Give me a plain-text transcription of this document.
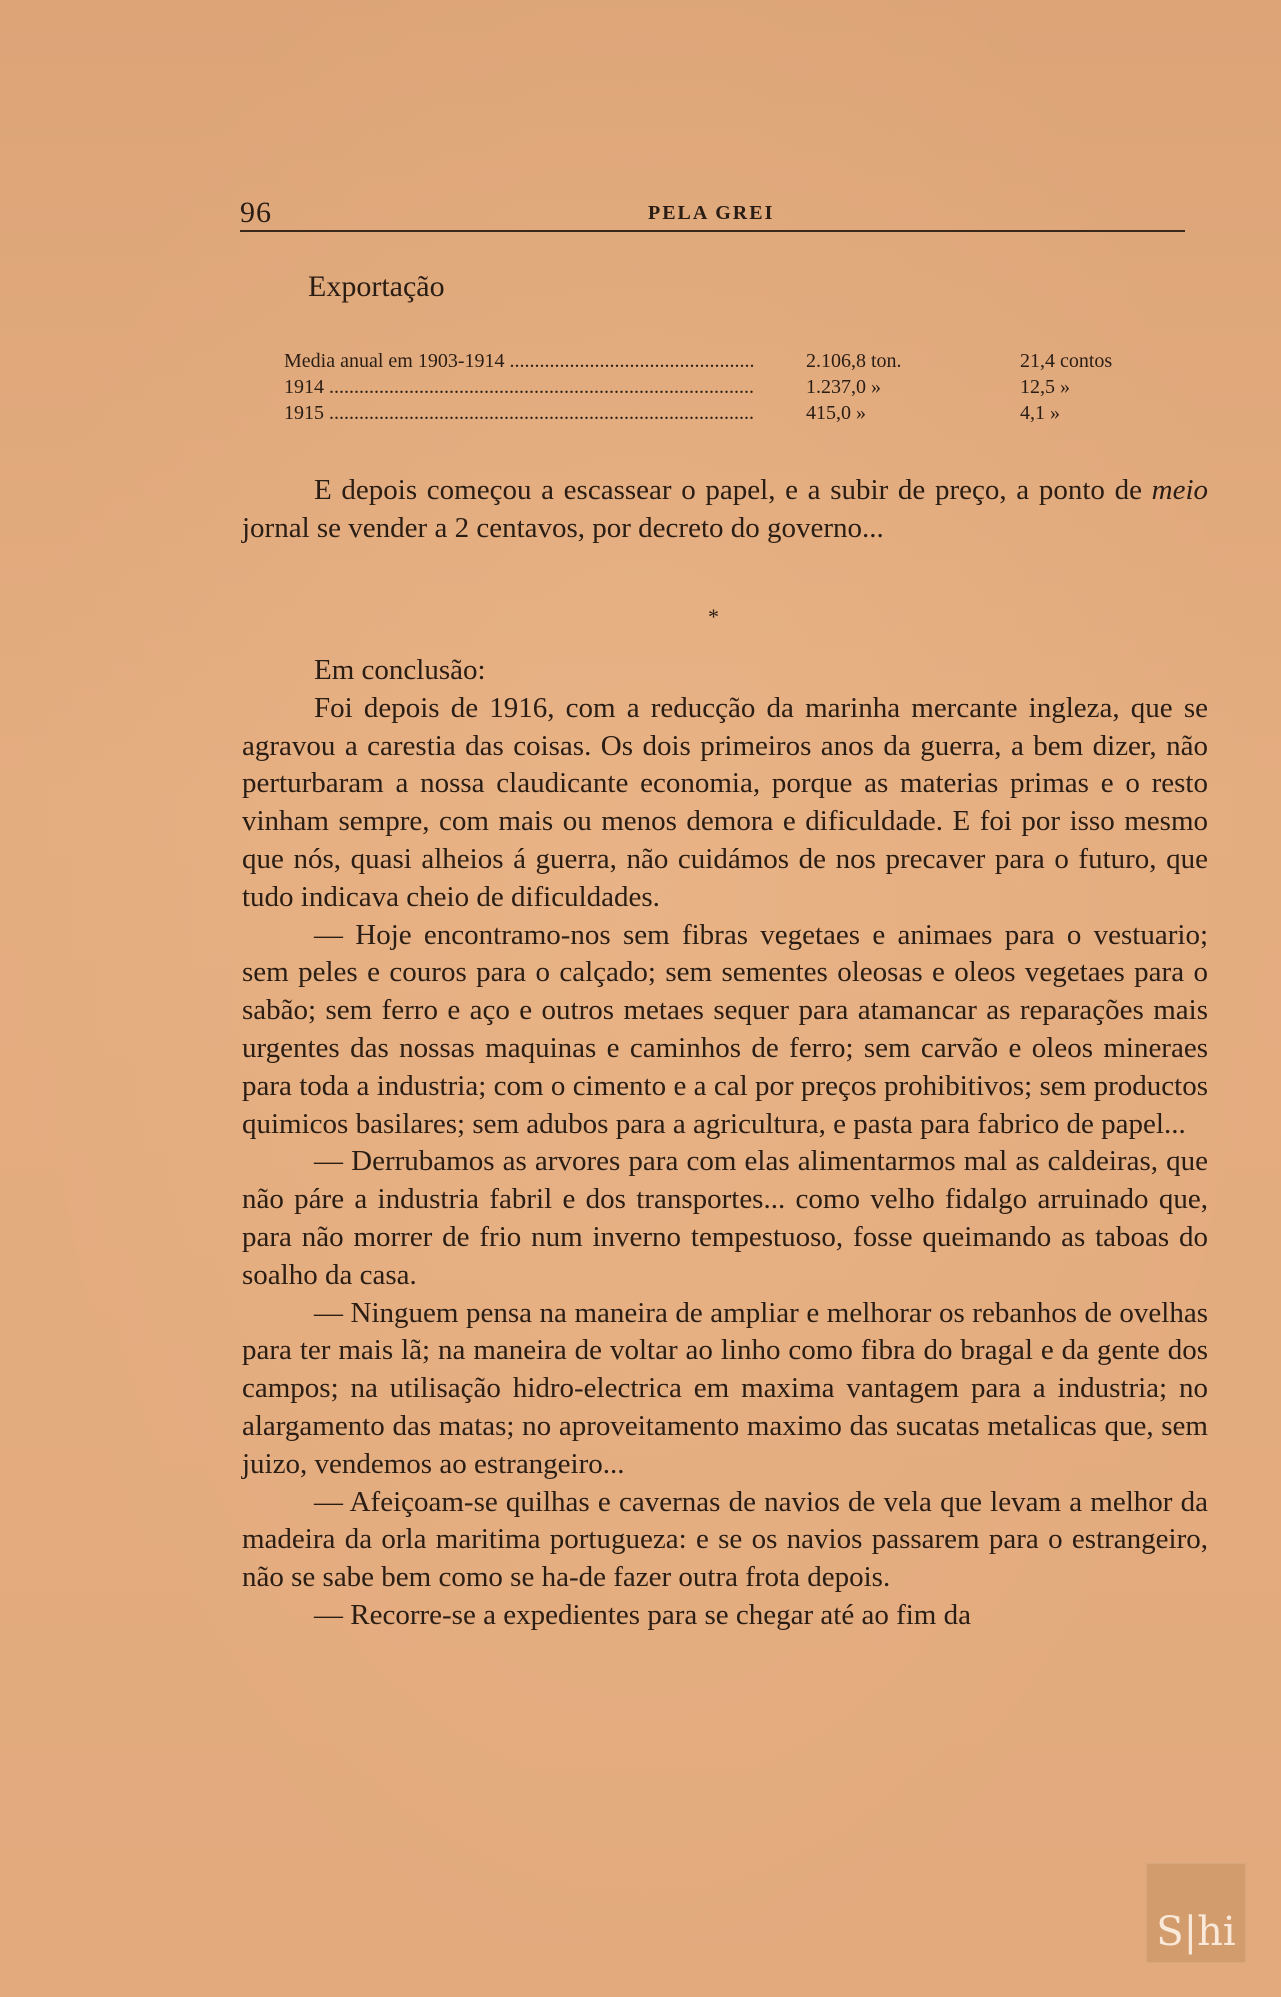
96	PELA GREI
Exportação
Media anual em 1903-1914 .....	2.106,8 ton.	21,4 contos
1914 .....	1.237,0 »	12,5 »
1915 .....	415,0 »	4,1 »

E depois começou a escassear o papel, e a subir de preço, a ponto de meio jornal se vender a 2 centavos, por decreto do governo...

*

Em conclusão:

Foi depois de 1916, com a reducção da marinha mercante ingleza, que se agravou a carestia das coisas. Os dois primeiros anos da guerra, a bem dizer, não perturbaram a nossa claudicante economia, porque as materias primas e o resto vinham sempre, com mais ou menos demora e dificuldade. E foi por isso mesmo que nós, quasi alheios á guerra, não cuidámos de nos precaver para o futuro, que tudo indicava cheio de dificuldades.

— Hoje encontramo-nos sem fibras vegetaes e animaes para o vestuario; sem peles e couros para o calçado; sem sementes oleosas e oleos vegetaes para o sabão; sem ferro e aço e outros metaes sequer para atamancar as reparações mais urgentes das nossas maquinas e caminhos de ferro; sem carvão e oleos mineraes para toda a industria; com o cimento e a cal por preços prohibitivos; sem productos quimicos basilares; sem adubos para a agricultura, e pasta para fabrico de papel...

— Derrubamos as arvores para com elas alimentarmos mal as caldeiras, que não páre a industria fabril e dos transportes... como velho fidalgo arruinado que, para não morrer de frio num inverno tempestuoso, fosse queimando as taboas do soalho da casa.

— Ninguem pensa na maneira de ampliar e melhorar os rebanhos de ovelhas para ter mais lã; na maneira de voltar ao linho como fibra do bragal e da gente dos campos; na utilisação hidro-electrica em maxima vantagem para a industria; no alargamento das matas; no aproveitamento maximo das sucatas metalicas que, sem juizo, vendemos ao estrangeiro...

— Afeiçoam-se quilhas e cavernas de navios de vela que levam a melhor da madeira da orla maritima portugueza: e se os navios passarem para o estrangeiro, não se sabe bem como se ha-de fazer outra frota depois.

— Recorre-se a expedientes para se chegar até ao fim da

S|hi
